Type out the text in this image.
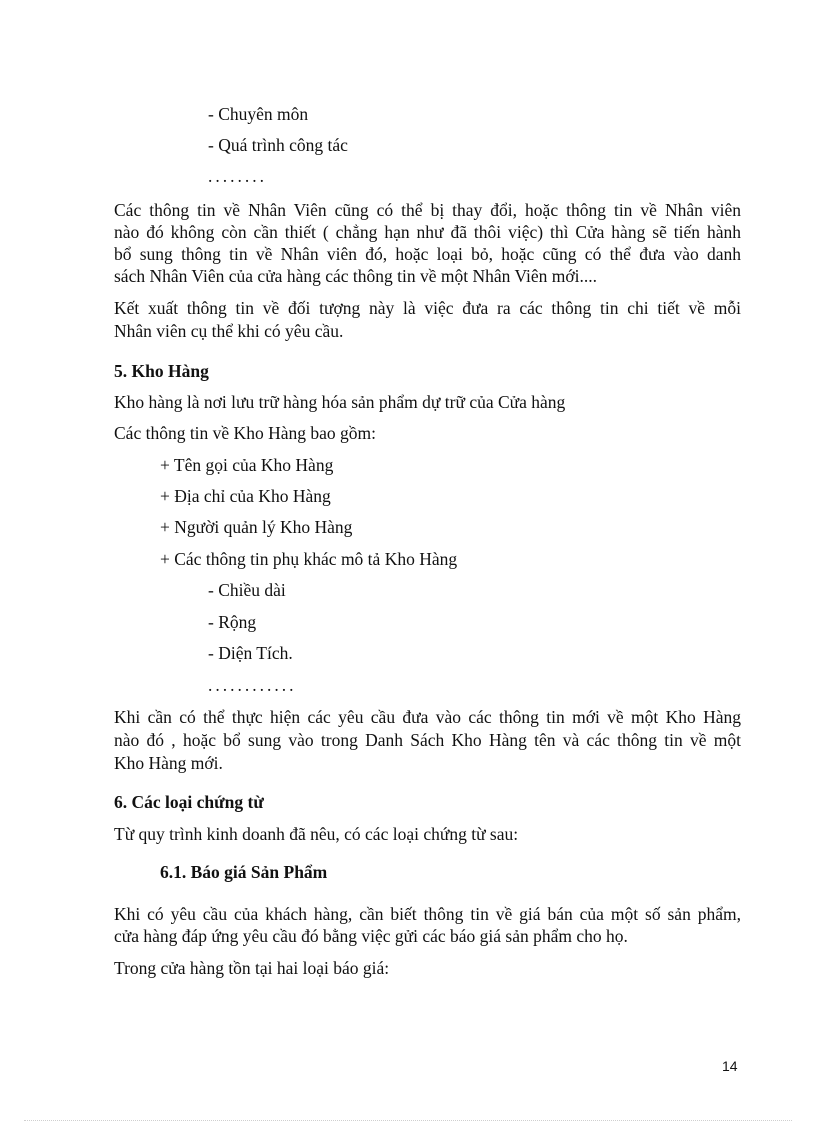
- Chuyên môn
- Quá trình công tác
........
Các thông tin về Nhân Viên cũng có thể bị thay đổi, hoặc thông tin về Nhân viên
nào đó không còn cần thiết ( chẳng hạn như đã thôi việc) thì Cửa hàng sẽ tiến hành
bổ sung thông tin về Nhân viên đó, hoặc loại bỏ, hoặc cũng có thể đưa vào danh
sách Nhân Viên của cửa hàng các thông tin về một Nhân Viên mới....
Kết xuất thông tin về đối tượng này là việc đưa ra các thông tin chi tiết về mỗi
Nhân viên cụ thể khi có yêu cầu.
5. Kho Hàng
Kho hàng là nơi lưu trữ hàng hóa sản phẩm dự trữ của Cửa hàng
Các thông tin về Kho Hàng bao gồm:
+ Tên gọi của Kho Hàng
+ Địa chỉ của Kho Hàng
+ Người quản lý Kho Hàng
+ Các thông tin phụ khác mô tả Kho Hàng
- Chiều dài
- Rộng
- Diện Tích.
............
Khi cần có thể thực hiện các yêu cầu đưa vào các thông tin mới về một Kho Hàng
nào đó , hoặc bổ sung vào trong Danh Sách Kho Hàng tên và các thông tin về một
Kho Hàng mới.
6. Các loại chứng từ
Từ quy trình kinh doanh đã nêu, có các loại chứng từ sau:
6.1. Báo giá Sản Phẩm
Khi có yêu cầu của khách hàng, cần biết thông tin về giá bán của một số sản phẩm,
cửa hàng đáp ứng yêu cầu đó bằng việc gửi các báo giá sản phẩm cho họ.
Trong cửa hàng tồn tại hai loại báo giá:
14
